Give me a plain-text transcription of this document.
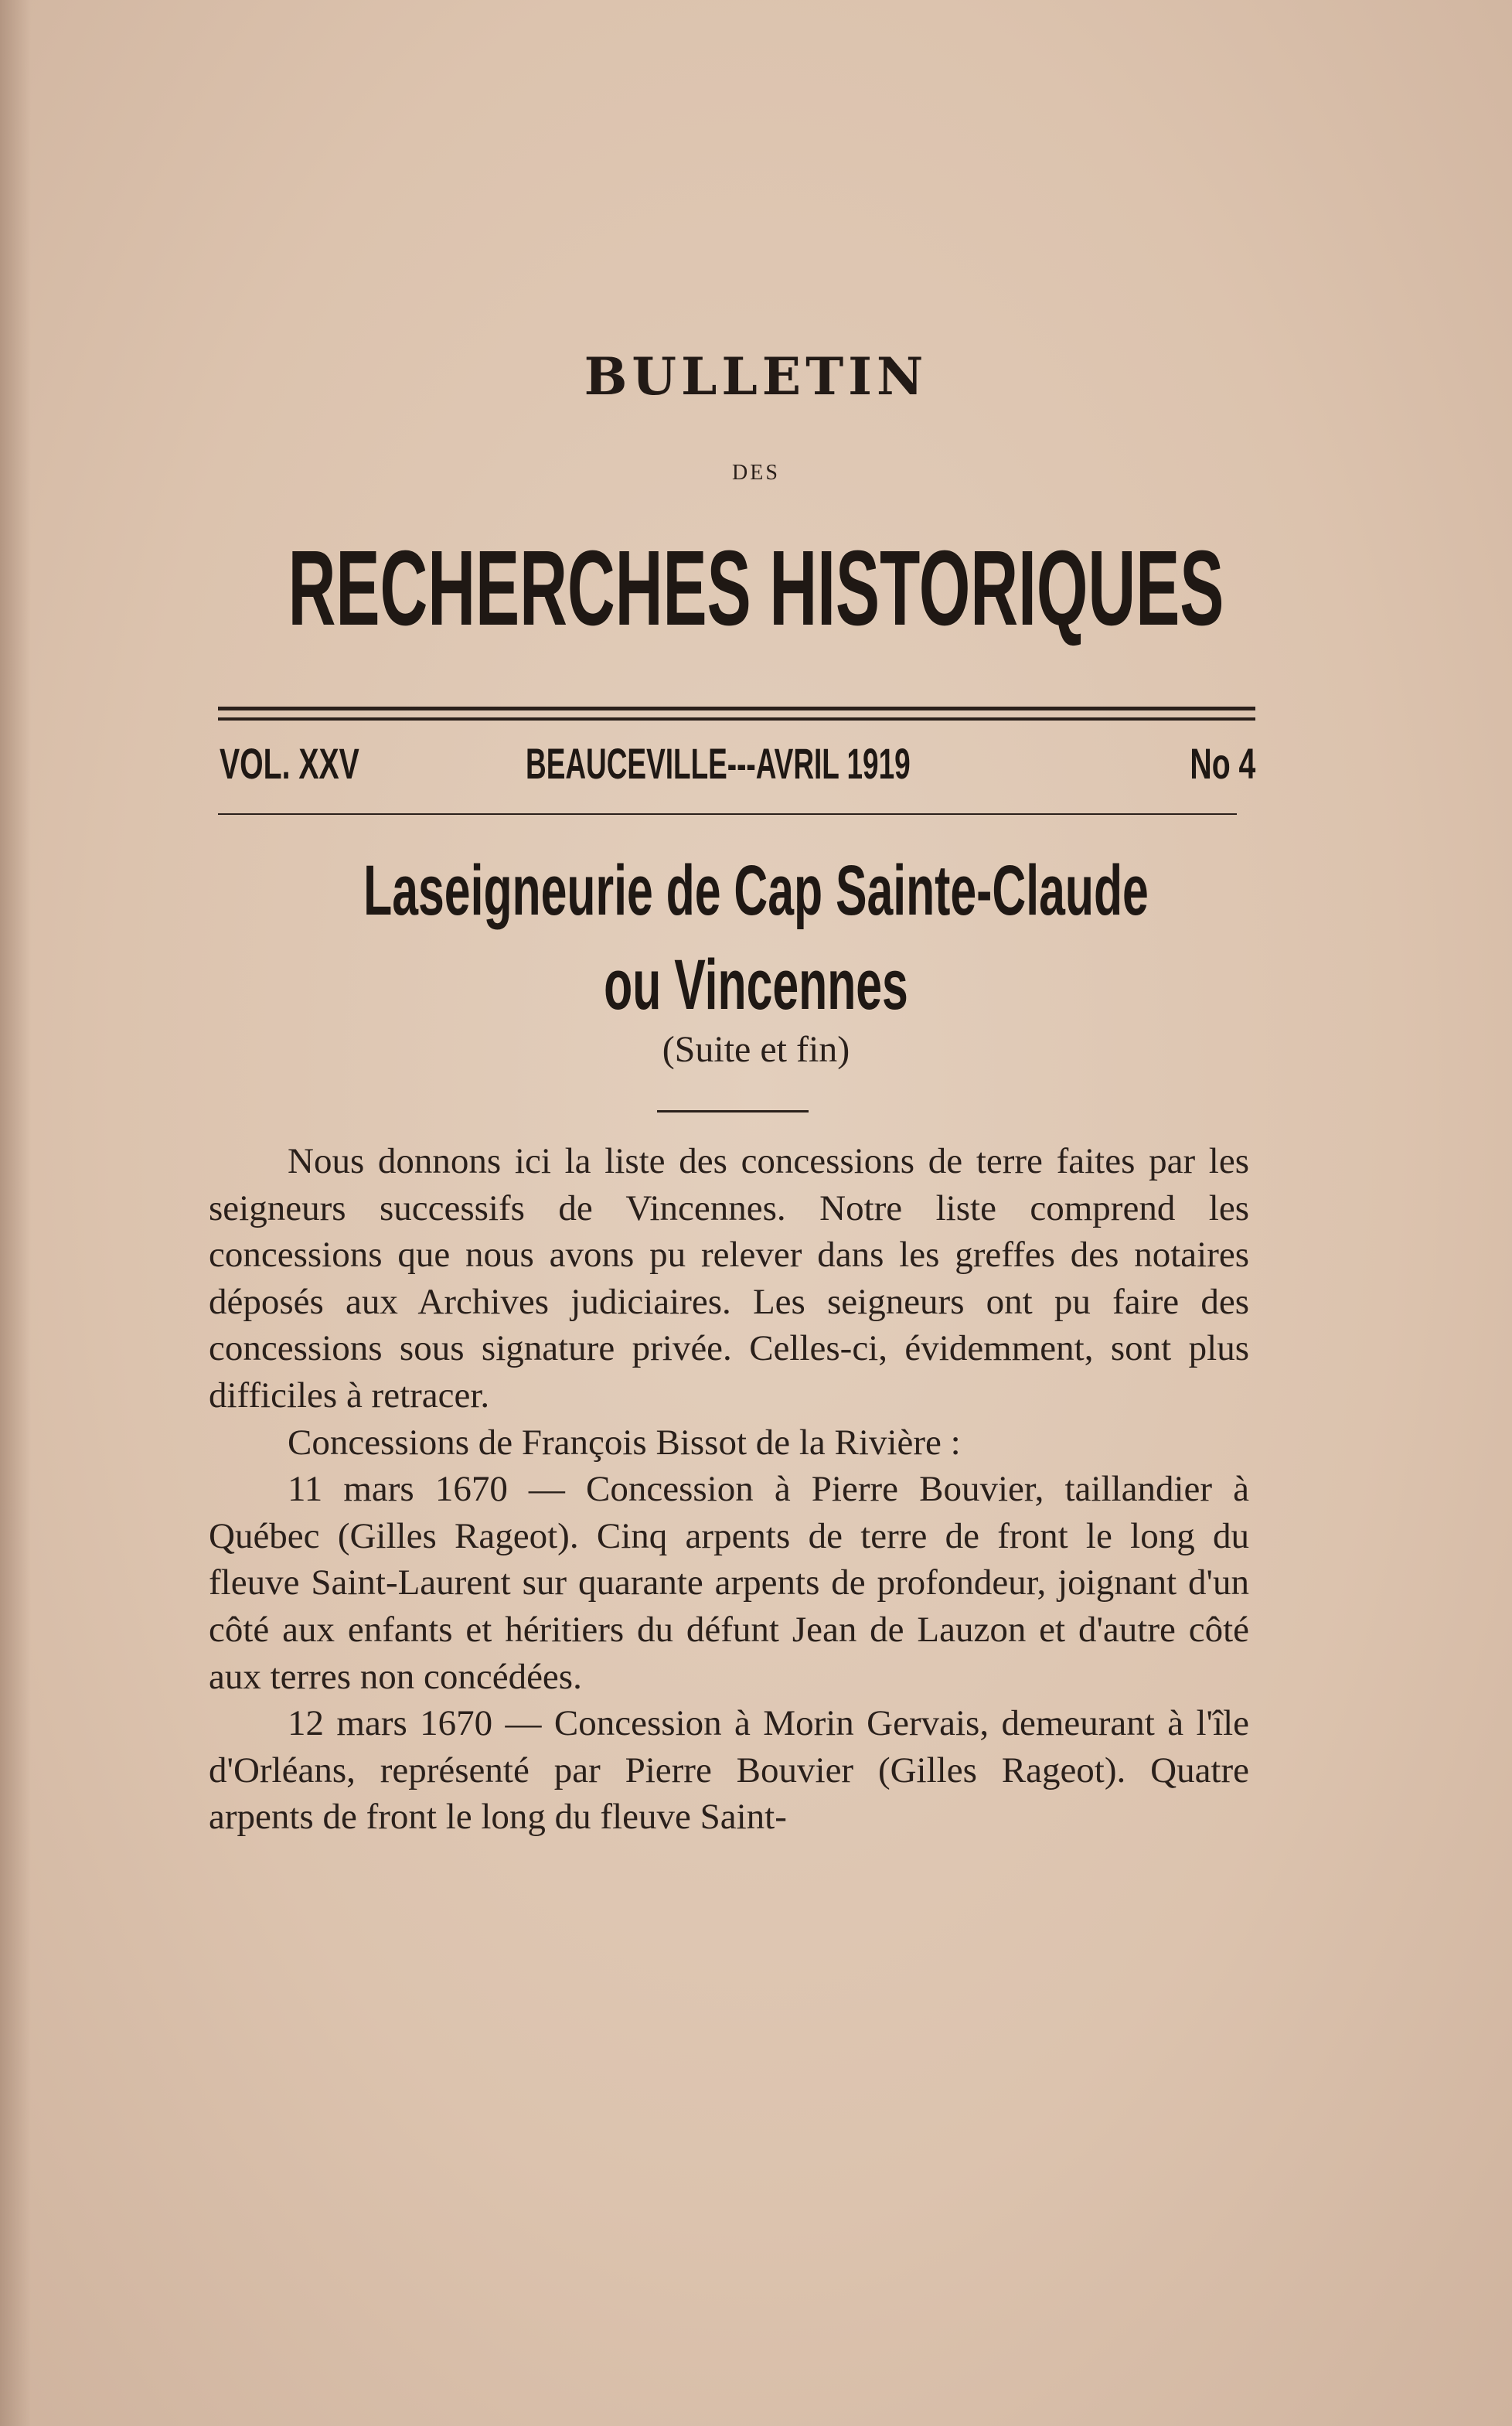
BULLETIN
DES
RECHERCHES HISTORIQUES
VOL. XXV	BEAUCEVILLE---AVRIL 1919	No 4
Laseigneurie de Cap Sainte-Claude
ou Vincennes
(Suite et fin)

Nous donnons ici la liste des concessions de terre faites par les seigneurs successifs de Vincennes. Notre liste comprend les concessions que nous avons pu relever dans les greffes des notaires déposés aux Archives judiciaires. Les seigneurs ont pu faire des concessions sous signature privée. Celles-ci, évidemment, sont plus difficiles à retracer.

Concessions de François Bissot de la Rivière :

11 mars 1670 — Concession à Pierre Bouvier, taillandier à Québec (Gilles Rageot). Cinq arpents de terre de front le long du fleuve Saint-Laurent sur quarante arpents de profondeur, joignant d'un côté aux enfants et héritiers du défunt Jean de Lauzon et d'autre côté aux terres non concédées.

12 mars 1670 — Concession à Morin Gervais, demeurant à l'île d'Orléans, représenté par Pierre Bouvier (Gilles Rageot). Quatre arpents de front le long du fleuve Saint-
